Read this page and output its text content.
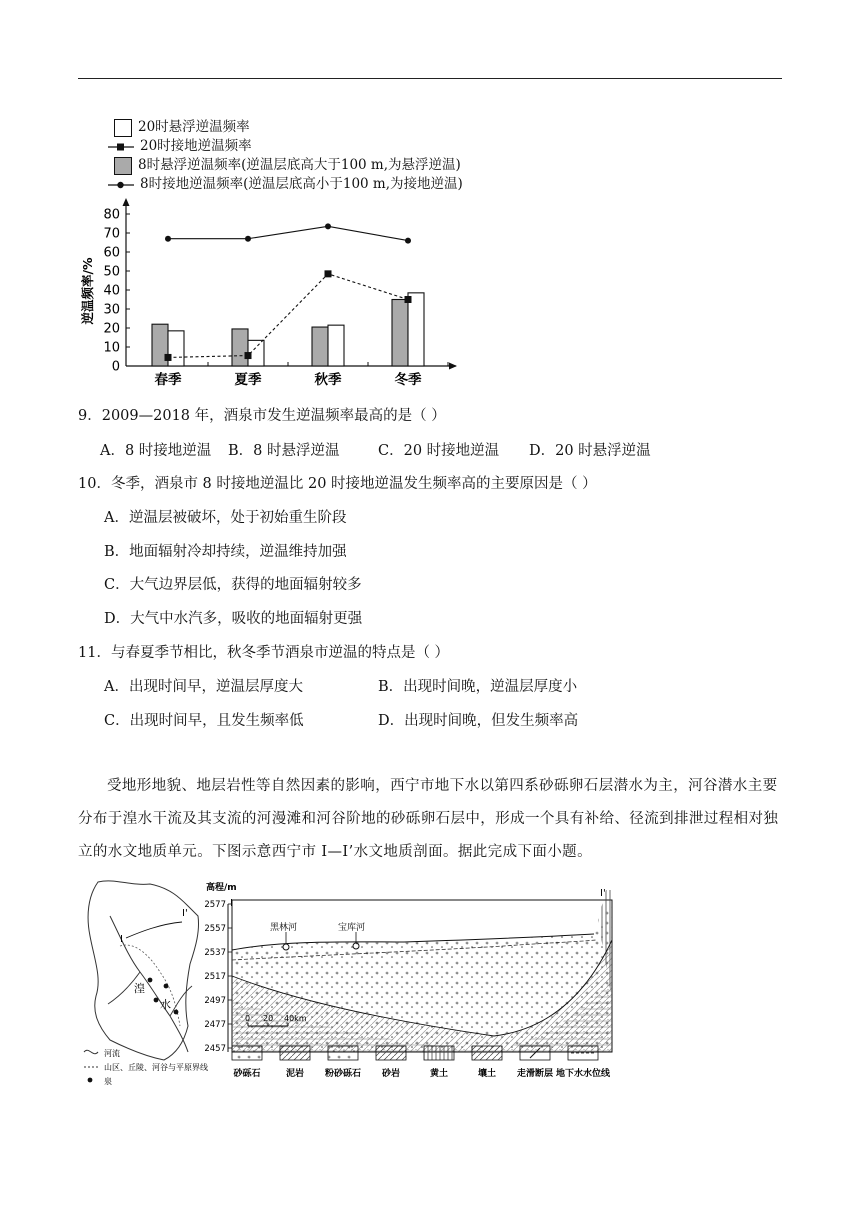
20时悬浮逆温频率
20时接地逆温频率
8时悬浮逆温频率(逆温层底高大于100 m,为悬浮逆温)
8时接地逆温频率(逆温层底高小于100 m,为接地逆温)
0
10
20
30
40
50
60
70
80
逆温频率/%
春季	夏季	秋季	冬季
9．2009—2018 年，酒泉市发生逆温频率最高的是（ ）
A．8 时接地逆温 B．8 时悬浮逆温	C．20 时接地逆温 D．20 时悬浮逆温
10．冬季，酒泉市 8 时接地逆温比 20 时接地逆温发生频率高的主要原因是（ ）
A．逆温层被破坏，处于初始重生阶段
B．地面辐射冷却持续，逆温维持加强
C．大气边界层低，获得的地面辐射较多
D．大气中水汽多，吸收的地面辐射更强
11．与春夏季节相比，秋冬季节酒泉市逆温的特点是（ ）
A．出现时间早，逆温层厚度大	B．出现时间晚，逆温层厚度小
C．出现时间早，且发生频率低	D．出现时间晚，但发生频率高
受地形地貌、地层岩性等自然因素的影响，西宁市地下水以第四系砂砾卵石层潜水为主，河谷潜水主要分布于湟水干流及其支流的河漫滩和河谷阶地的砂砾卵石层中，形成一个具有补给、径流到排泄过程相对独立的水文地质单元。下图示意西宁市 I—I’水文地质剖面。据此完成下面小题。
I
I'
湟
水
河流
山区、丘陵、河谷与平原界线
泉
高程/m
I
I'
2577
2557
2537
2517
2497
2477
2457
黑林河	宝库河
0 20 40km
砂砾石	泥岩 粉砂砾石 砂岩	黄土	壤土 走滑断层 地下水水位线
